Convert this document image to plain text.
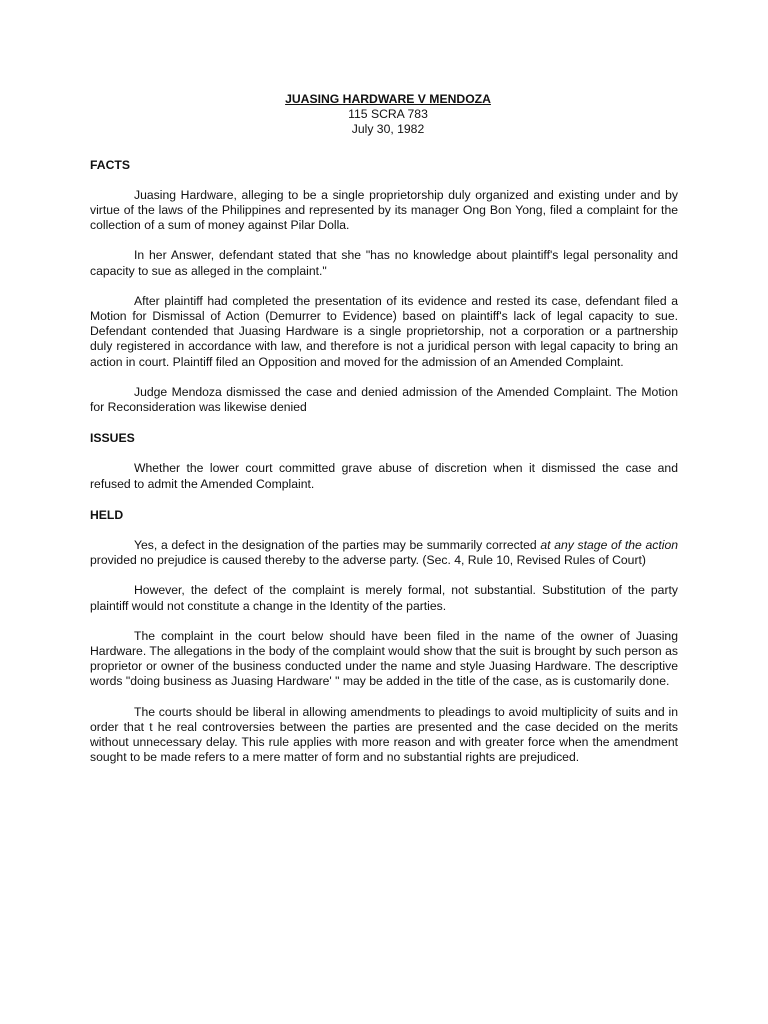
JUASING HARDWARE V MENDOZA
115 SCRA 783
July 30, 1982
FACTS

Juasing Hardware, alleging to be a single proprietorship duly organized and existing under and by virtue of the laws of the Philippines and represented by its manager Ong Bon Yong, filed a complaint for the collection of a sum of money against Pilar Dolla.

In her Answer, defendant stated that she "has no knowledge about plaintiff's legal personality and capacity to sue as alleged in the complaint."

After plaintiff had completed the presentation of its evidence and rested its case, defendant filed a Motion for Dismissal of Action (Demurrer to Evidence) based on plaintiff's lack of legal capacity to sue. Defendant contended that Juasing Hardware is a single proprietorship, not a corporation or a partnership duly registered in accordance with law, and therefore is not a juridical person with legal capacity to bring an action in court. Plaintiff filed an Opposition and moved for the admission of an Amended Complaint.

Judge Mendoza dismissed the case and denied admission of the Amended Complaint. The Motion for Reconsideration was likewise denied

ISSUES

Whether the lower court committed grave abuse of discretion when it dismissed the case and refused to admit the Amended Complaint.

HELD

Yes, a defect in the designation of the parties may be summarily corrected at any stage of the action provided no prejudice is caused thereby to the adverse party. (Sec. 4, Rule 10, Revised Rules of Court)

However, the defect of the complaint is merely formal, not substantial. Substitution of the party plaintiff would not constitute a change in the Identity of the parties.

The complaint in the court below should have been filed in the name of the owner of Juasing Hardware. The allegations in the body of the complaint would show that the suit is brought by such person as proprietor or owner of the business conducted under the name and style Juasing Hardware. The descriptive words "doing business as Juasing Hardware' " may be added in the title of the case, as is customarily done.

The courts should be liberal in allowing amendments to pleadings to avoid multiplicity of suits and in order that t he real controversies between the parties are presented and the case decided on the merits without unnecessary delay. This rule applies with more reason and with greater force when the amendment sought to be made refers to a mere matter of form and no substantial rights are prejudiced.
